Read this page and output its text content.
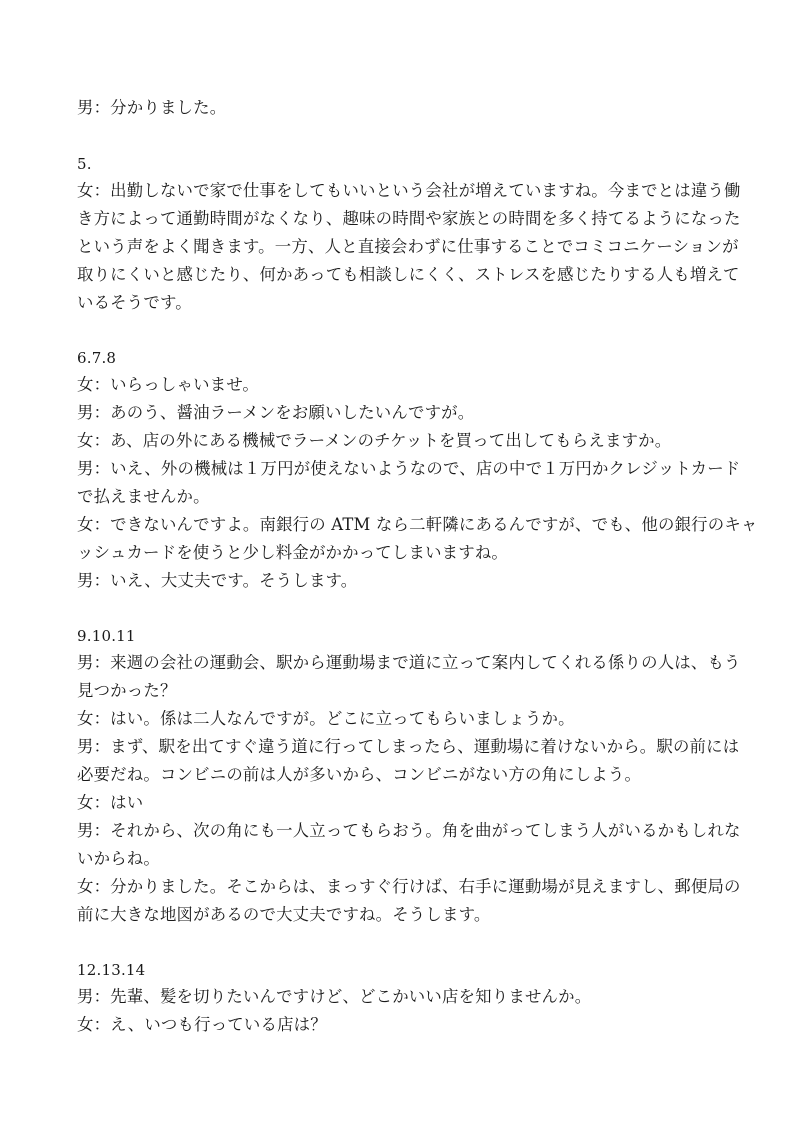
男：分かりました。
5.
女：出勤しないで家で仕事をしてもいいという会社が増えていますね。今までとは違う働
き方によって通勤時間がなくなり、趣味の時間や家族との時間を多く持てるようになった
という声をよく聞きます。一方、人と直接会わずに仕事することでコミコニケーションが
取りにくいと感じたり、何かあっても相談しにくく、ストレスを感じたりする人も増えて
いるそうです。
6.7.8
女：いらっしゃいませ。
男：あのう、醤油ラーメンをお願いしたいんですが。
女：あ、店の外にある機械でラーメンのチケットを買って出してもらえますか。
男：いえ、外の機械は１万円が使えないようなので、店の中で１万円かクレジットカード
で払えませんか。
女：できないんですよ。南銀行の ATM なら二軒隣にあるんですが、でも、他の銀行のキャ
ッシュカードを使うと少し料金がかかってしまいますね。
男：いえ、大丈夫です。そうします。
9.10.11
男：来週の会社の運動会、駅から運動場まで道に立って案内してくれる係りの人は、もう
見つかった？
女：はい。係は二人なんですが。どこに立ってもらいましょうか。
男：まず、駅を出てすぐ違う道に行ってしまったら、運動場に着けないから。駅の前には
必要だね。コンビニの前は人が多いから、コンビニがない方の角にしよう。
女：はい
男：それから、次の角にも一人立ってもらおう。角を曲がってしまう人がいるかもしれな
いからね。
女：分かりました。そこからは、まっすぐ行けば、右手に運動場が見えますし、郵便局の
前に大きな地図があるので大丈夫ですね。そうします。
12.13.14
男：先輩、髪を切りたいんですけど、どこかいい店を知りませんか。
女：え、いつも行っている店は？
